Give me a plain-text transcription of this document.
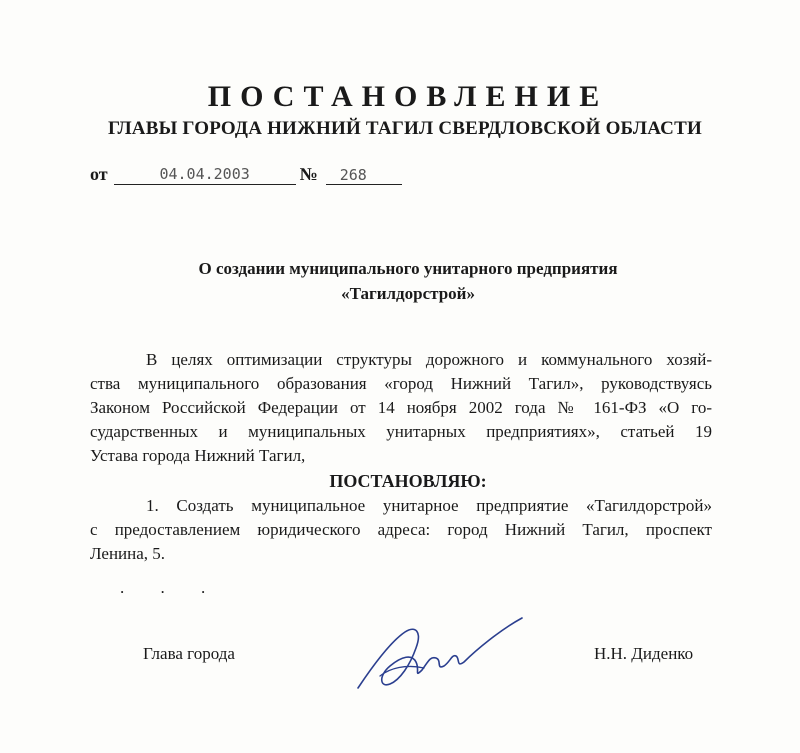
ПОСТАНОВЛЕНИЕ
ГЛАВЫ ГОРОДА НИЖНИЙ ТАГИЛ СВЕРДЛОВСКОЙ ОБЛАСТИ
от	04.04.2003	№	268
О создании муниципального унитарного предприятия
«Тагилдорстрой»
В целях оптимизации структуры дорожного и коммунального хозяй-
ства муниципального образования «город Нижний Тагил», руководствуясь
Законом Российской Федерации от 14 ноября 2002 года № 161-ФЗ «О го-
сударственных и муниципальных унитарных предприятиях», статьей 19
Устава города Нижний Тагил,
ПОСТАНОВЛЯЮ:
1. Создать муниципальное унитарное предприятие «Тагилдорстрой»
с предоставлением юридического адреса: город Нижний Тагил, проспект
Ленина, 5.
. . .
Глава города	Н.Н. Диденко
